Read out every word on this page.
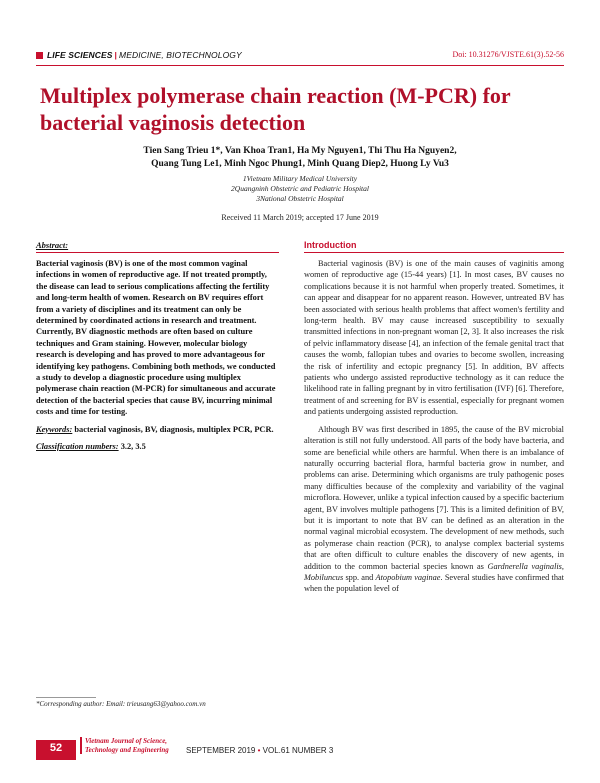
LIFE SCIENCES | MEDICINE, BIOTECHNOLOGY	Doi: 10.31276/VJSTE.61(3).52-56
Multiplex polymerase chain reaction (M-PCR) for bacterial vaginosis detection
Tien Sang Trieu 1*, Van Khoa Tran1, Ha My Nguyen1, Thi Thu Ha Nguyen2,
Quang Tung Le1, Minh Ngoc Phung1, Minh Quang Diep2, Huong Ly Vu3
1Vietnam Military Medical University
2Quangninh Obstetric and Pediatric Hospital
3National Obstetric Hospital
Received 11 March 2019; accepted 17 June 2019
Abstract:
Bacterial vaginosis (BV) is one of the most common vaginal infections in women of reproductive age. If not treated promptly, the disease can lead to serious complications affecting the fertility and long-term health of women. Research on BV requires effort from a variety of disciplines and its treatment can only be determined by coordinated actions in research and treatment. Currently, BV diagnostic methods are often based on culture techniques and Gram staining. However, molecular biology research is developing and has proved to more advantageous for identifying key pathogens. Combining both methods, we conducted a study to develop a diagnostic procedure using multiplex polymerase chain reaction (M-PCR) for simultaneous and accurate detection of the bacterial species that cause BV, incurring minimal costs and time for testing.
Keywords: bacterial vaginosis, BV, diagnosis, multiplex PCR, PCR.
Classification numbers: 3.2, 3.5
Introduction

Bacterial vaginosis (BV) is one of the main causes of vaginitis among women of reproductive age (15-44 years) [1]. In most cases, BV causes no complications because it is not harmful when properly treated. Sometimes, it can appear and disappear for no apparent reason. However, untreated BV has been associated with serious health problems that affect women's fertility and long-term health. BV may cause increased susceptibility to sexually transmitted infections in non-pregnant woman [2, 3]. It also increases the risk of pelvic inflammatory disease [4], an infection of the female genital tract that causes the womb, fallopian tubes and ovaries to become swollen, increasing the risk of infertility and ectopic pregnancy [5]. In addition, BV affects patients who undergo assisted reproductive technology as it can reduce the likelihood rate in falling pregnant by in vitro fertilisation (IVF) [6]. Therefore, treatment of and screening for BV is essential, especially for pregnant women and patients undergoing assisted reproduction.

Although BV was first described in 1895, the cause of the BV microbial alteration is still not fully understood. All parts of the body have bacteria, and some are beneficial while others are harmful. When there is an imbalance of naturally occurring bacterial flora, harmful bacteria grow in number, and problems can arise. Determining which organisms are truly pathogenic poses many difficulties because of the complexity and variability of the vaginal microflora. However, unlike a typical infection caused by a specific bacterium agent, BV involves multiple pathogens [7]. This is a limited definition of BV, but it is important to note that BV can be defined as an alteration in the normal vaginal microbial ecosystem. The development of new methods, such as polymerase chain reaction (PCR), to analyse complex bacterial systems that are often difficult to culture enables the discovery of new agents, in addition to the common bacterial species known as Gardnerella vaginalis, Mobiluncus spp. and Atopobium vaginae. Several studies have confirmed that when the population level of

*Corresponding author: Email: trieusang63@yahoo.com.vn
52
Vietnam Journal of Science,
Technology and Engineering	SEPTEMBER 2019 • VOL.61 NUMBER 3
